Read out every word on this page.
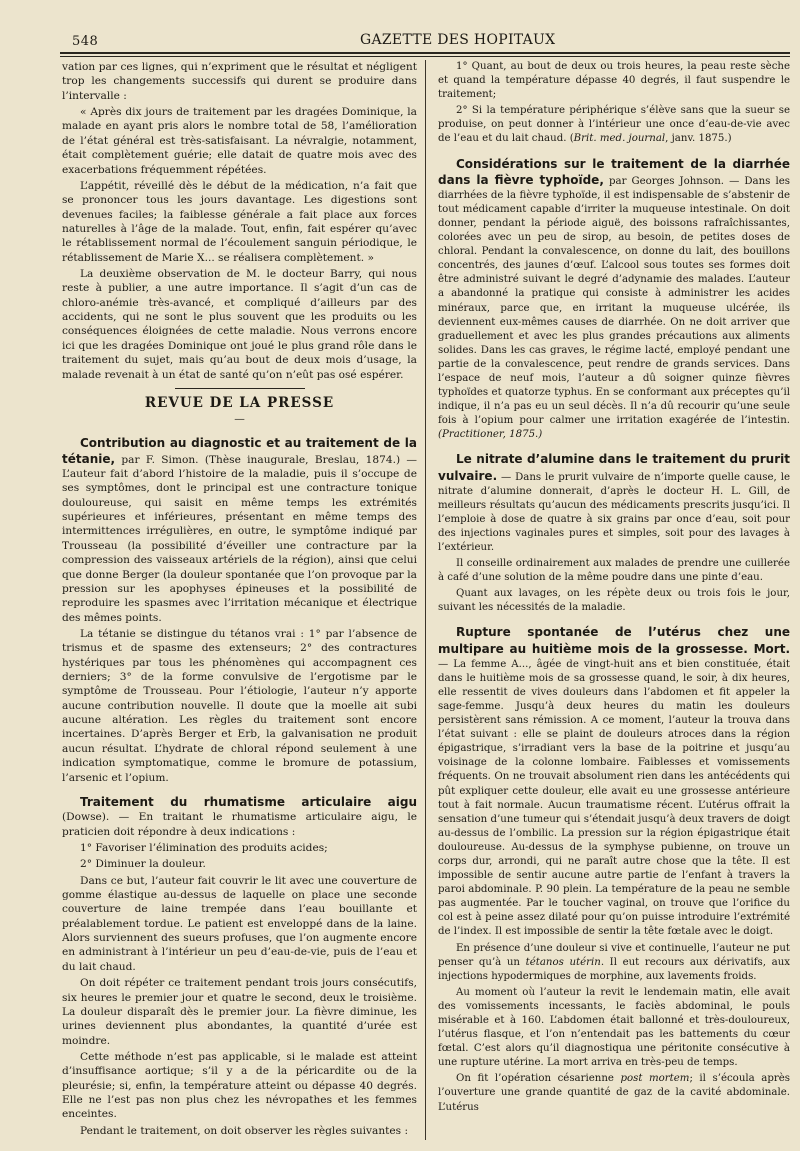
548	GAZETTE DES HOPITAUX

vation par ces lignes, qui n’expriment que le résultat et négligent trop les changements successifs qui durent se produire dans l’intervalle :

« Après dix jours de traitement par les dragées Dominique, la malade en ayant pris alors le nombre total de 58, l’amélioration de l’état général est très-satisfaisant. La névralgie, notamment, était complètement guérie; elle datait de quatre mois avec des exacerbations fréquemment répétées.

L’appétit, réveillé dès le début de la médication, n’a fait que se prononcer tous les jours davantage. Les digestions sont devenues faciles; la faiblesse générale a fait place aux forces naturelles à l’âge de la malade. Tout, enfin, fait espérer qu’avec le rétablissement normal de l’écoulement sanguin périodique, le rétablissement de Marie X... se réalisera complètement. »

La deuxième observation de M. le docteur Barry, qui nous reste à publier, a une autre importance. Il s’agit d’un cas de chloro-anémie très-avancé, et compliqué d’ailleurs par des accidents, qui ne sont le plus souvent que les produits ou les conséquences éloignées de cette maladie. Nous verrons encore ici que les dragées Dominique ont joué le plus grand rôle dans le traitement du sujet, mais qu’au bout de deux mois d’usage, la malade revenait à un état de santé qu’on n’eût pas osé espérer.

REVUE DE LA PRESSE

—

Contribution au diagnostic et au traitement de la tétanie, par F. Simon. (Thèse inaugurale, Breslau, 1874.) — L’auteur fait d’abord l’histoire de la maladie, puis il s’occupe de ses symptômes, dont le principal est une contracture tonique douloureuse, qui saisit en même temps les extrémités supérieures et inférieures, présentant en même temps des intermittences irrégulières, en outre, le symptôme indiqué par Trousseau (la possibilité d’éveiller une contracture par la compression des vaisseaux artériels de la région), ainsi que celui que donne Berger (la douleur spontanée que l’on provoque par la pression sur les apophyses épineuses et la possibilité de reproduire les spasmes avec l’irritation mécanique et électrique des mêmes points.

La tétanie se distingue du tétanos vrai : 1° par l’absence de trismus et de spasme des extenseurs; 2° des contractures hystériques par tous les phénomènes qui accompagnent ces derniers; 3° de la forme convulsive de l’ergotisme par le symptôme de Trousseau. Pour l’étiologie, l’auteur n’y apporte aucune contribution nouvelle. Il doute que la moelle ait subi aucune altération. Les règles du traitement sont encore incertaines. D’après Berger et Erb, la galvanisation ne produit aucun résultat. L’hydrate de chloral répond seulement à une indication symptomatique, comme le bromure de potassium, l’arsenic et l’opium.

Traitement du rhumatisme articulaire aigu (Dowse). — En traitant le rhumatisme articulaire aigu, le praticien doit répondre à deux indications :

1° Favoriser l’élimination des produits acides;

2° Diminuer la douleur.

Dans ce but, l’auteur fait couvrir le lit avec une couverture de gomme élastique au-dessus de laquelle on place une seconde couverture de laine trempée dans l’eau bouillante et préalablement tordue. Le patient est enveloppé dans de la laine. Alors surviennent des sueurs profuses, que l’on augmente encore en administrant à l’intérieur un peu d’eau-de-vie, puis de l’eau et du lait chaud.

On doit répéter ce traitement pendant trois jours consécutifs, six heures le premier jour et quatre le second, deux le troisième. La douleur disparaît dès le premier jour. La fièvre diminue, les urines deviennent plus abondantes, la quantité d’urée est moindre.

Cette méthode n’est pas applicable, si le malade est atteint d’insuffisance aortique; s’il y a de la péricardite ou de la pleurésie; si, enfin, la température atteint ou dépasse 40 degrés. Elle ne l’est pas non plus chez les névropathes et les femmes enceintes.

Pendant le traitement, on doit observer les règles suivantes :

1° Quant, au bout de deux ou trois heures, la peau reste sèche et quand la température dépasse 40 degrés, il faut suspendre le traitement;

2° Si la température périphérique s’élève sans que la sueur se produise, on peut donner à l’intérieur une once d’eau-de-vie avec de l’eau et du lait chaud. (Brit. med. journal, janv. 1875.)

Considérations sur le traitement de la diarrhée dans la fièvre typhoïde, par Georges Johnson. — Dans les diarrhées de la fièvre typhoïde, il est indispensable de s’abstenir de tout médicament capable d’irriter la muqueuse intestinale. On doit donner, pendant la période aiguë, des boissons rafraîchissantes, colorées avec un peu de sirop, au besoin, de petites doses de chloral. Pendant la convalescence, on donne du lait, des bouillons concentrés, des jaunes d’œuf. L’alcool sous toutes ses formes doit être administré suivant le degré d’adynamie des malades. L’auteur a abandonné la pratique qui consiste à administrer les acides minéraux, parce que, en irritant la muqueuse ulcérée, ils deviennent eux-mêmes causes de diarrhée. On ne doit arriver que graduellement et avec les plus grandes précautions aux aliments solides. Dans les cas graves, le régime lacté, employé pendant une partie de la convalescence, peut rendre de grands services. Dans l’espace de neuf mois, l’auteur a dû soigner quinze fièvres typhoïdes et quatorze typhus. En se conformant aux préceptes qu’il indique, il n’a pas eu un seul décès. Il n’a dû recourir qu’une seule fois à l’opium pour calmer une irritation exagérée de l’intestin. (Practitioner, 1875.)

Le nitrate d’alumine dans le traitement du prurit vulvaire. — Dans le prurit vulvaire de n’importe quelle cause, le nitrate d’alumine donnerait, d’après le docteur H. L. Gill, de meilleurs résultats qu’aucun des médicaments prescrits jusqu’ici. Il l’emploie à dose de quatre à six grains par once d’eau, soit pour des injections vaginales pures et simples, soit pour des lavages à l’extérieur.

Il conseille ordinairement aux malades de prendre une cuillerée à café d’une solution de la même poudre dans une pinte d’eau.

Quant aux lavages, on les répète deux ou trois fois le jour, suivant les nécessités de la maladie.

Rupture spontanée de l’utérus chez une multipare au huitième mois de la grossesse. Mort. — La femme A..., âgée de vingt-huit ans et bien constituée, était dans le huitième mois de sa grossesse quand, le soir, à dix heures, elle ressentit de vives douleurs dans l’abdomen et fit appeler la sage-femme. Jusqu’à deux heures du matin les douleurs persistèrent sans rémission. A ce moment, l’auteur la trouva dans l’état suivant : elle se plaint de douleurs atroces dans la région épigastrique, s’irradiant vers la base de la poitrine et jusqu’au voisinage de la colonne lombaire. Faiblesses et vomissements fréquents. On ne trouvait absolument rien dans les antécédents qui pût expliquer cette douleur, elle avait eu une grossesse antérieure tout à fait normale. Aucun traumatisme récent. L’utérus offrait la sensation d’une tumeur qui s’étendait jusqu’à deux travers de doigt au-dessus de l’ombilic. La pression sur la région épigastrique était douloureuse. Au-dessus de la symphyse pubienne, on trouve un corps dur, arrondi, qui ne paraît autre chose que la tête. Il est impossible de sentir aucune autre partie de l’enfant à travers la paroi abdominale. P. 90 plein. La température de la peau ne semble pas augmentée. Par le toucher vaginal, on trouve que l’orifice du col est à peine assez dilaté pour qu’on puisse introduire l’extrémité de l’index. Il est impossible de sentir la tête fœtale avec le doigt.

En présence d’une douleur si vive et continuelle, l’auteur ne put penser qu’à un tétanos utérin. Il eut recours aux dérivatifs, aux injections hypodermiques de morphine, aux lavements froids.

Au moment où l’auteur la revit le lendemain matin, elle avait des vomissements incessants, le faciès abdominal, le pouls misérable et à 160. L’abdomen était ballonné et très-douloureux, l’utérus flasque, et l’on n’entendait pas les battements du cœur fœtal. C’est alors qu’il diagnostiqua une péritonite consécutive à une rupture utérine. La mort arriva en très-peu de temps.

On fit l’opération césarienne post mortem; il s’écoula après l’ouverture une grande quantité de gaz de la cavité abdominale. L’utérus
